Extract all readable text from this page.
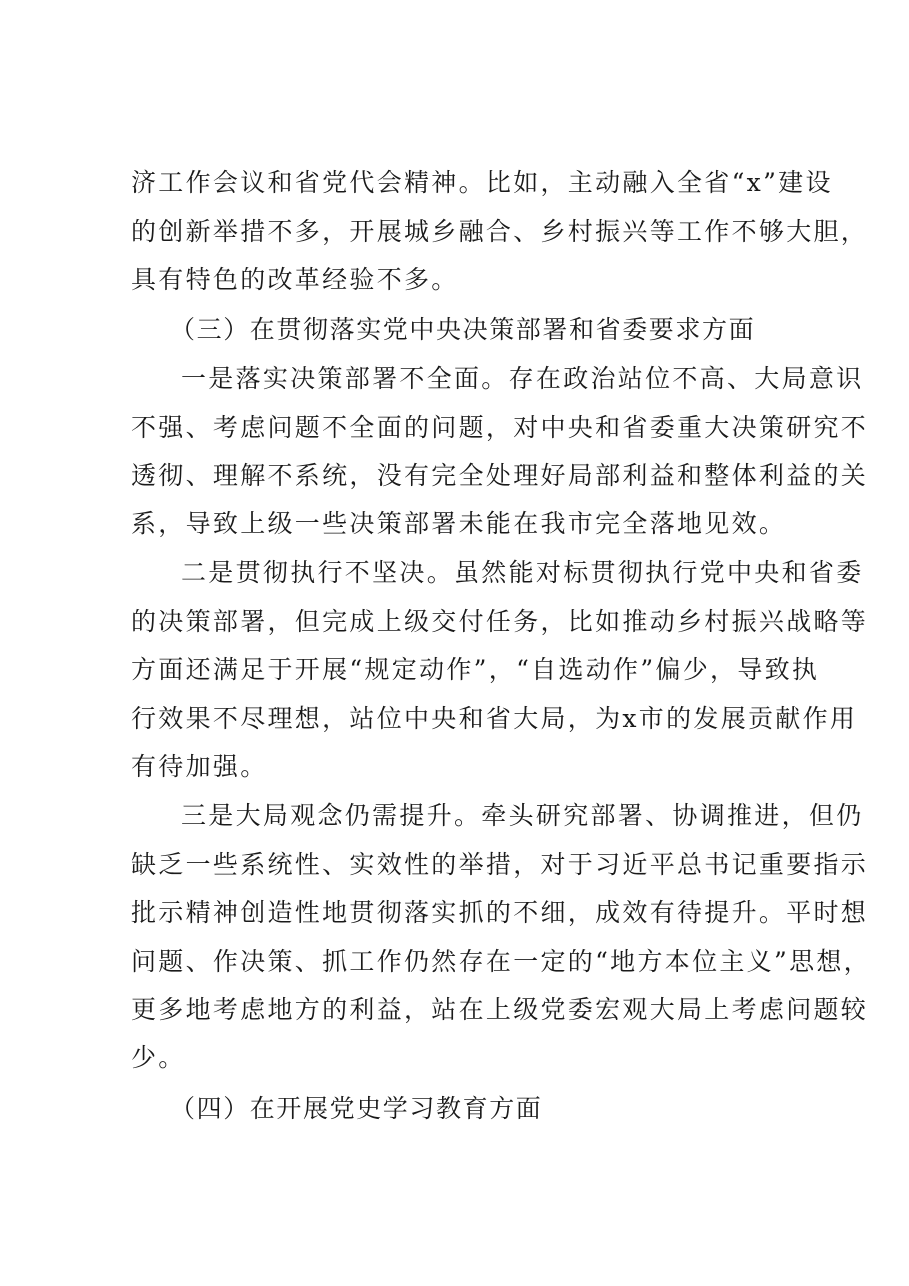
济工作会议和省党代会精神。比如，主动融入全省“x”建设
的创新举措不多，开展城乡融合、乡村振兴等工作不够大胆，
具有特色的改革经验不多。
（三）在贯彻落实党中央决策部署和省委要求方面
一是落实决策部署不全面。存在政治站位不高、大局意识
不强、考虑问题不全面的问题，对中央和省委重大决策研究不
透彻、理解不系统，没有完全处理好局部利益和整体利益的关
系，导致上级一些决策部署未能在我市完全落地见效。
二是贯彻执行不坚决。虽然能对标贯彻执行党中央和省委
的决策部署，但完成上级交付任务，比如推动乡村振兴战略等
方面还满足于开展“规定动作”，“自选动作”偏少，导致执
行效果不尽理想，站位中央和省大局，为x市的发展贡献作用
有待加强。
三是大局观念仍需提升。牵头研究部署、协调推进，但仍
缺乏一些系统性、实效性的举措，对于习近平总书记重要指示
批示精神创造性地贯彻落实抓的不细，成效有待提升。平时想
问题、作决策、抓工作仍然存在一定的“地方本位主义”思想，
更多地考虑地方的利益，站在上级党委宏观大局上考虑问题较
少。
（四）在开展党史学习教育方面
